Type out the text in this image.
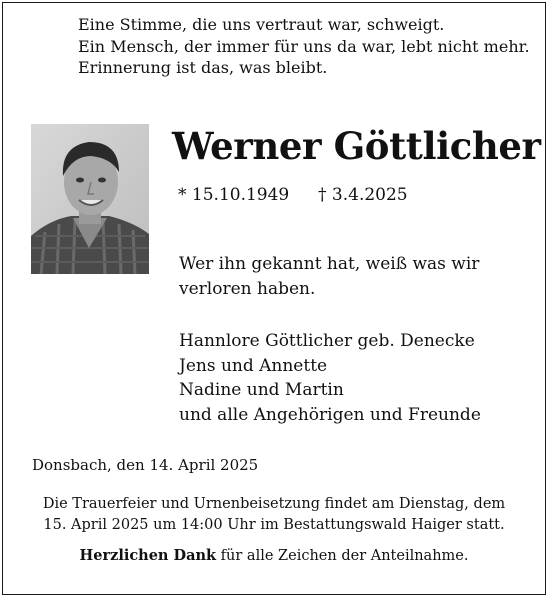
Eine Stimme, die uns vertraut war, schweigt.
Ein Mensch, der immer für uns da war, lebt nicht mehr.
Erinnerung ist das, was bleibt.
Werner Göttlicher
* 15.10.1949 † 3.4.2025
Wer ihn gekannt hat, weiß was wir
verloren haben.
Hannlore Göttlicher geb. Denecke
Jens und Annette
Nadine und Martin
und alle Angehörigen und Freunde
Donsbach, den 14. April 2025
Die Trauerfeier und Urnenbeisetzung findet am Dienstag, dem
15. April 2025 um 14:00 Uhr im Bestattungswald Haiger statt.
Herzlichen Dank für alle Zeichen der Anteilnahme.
